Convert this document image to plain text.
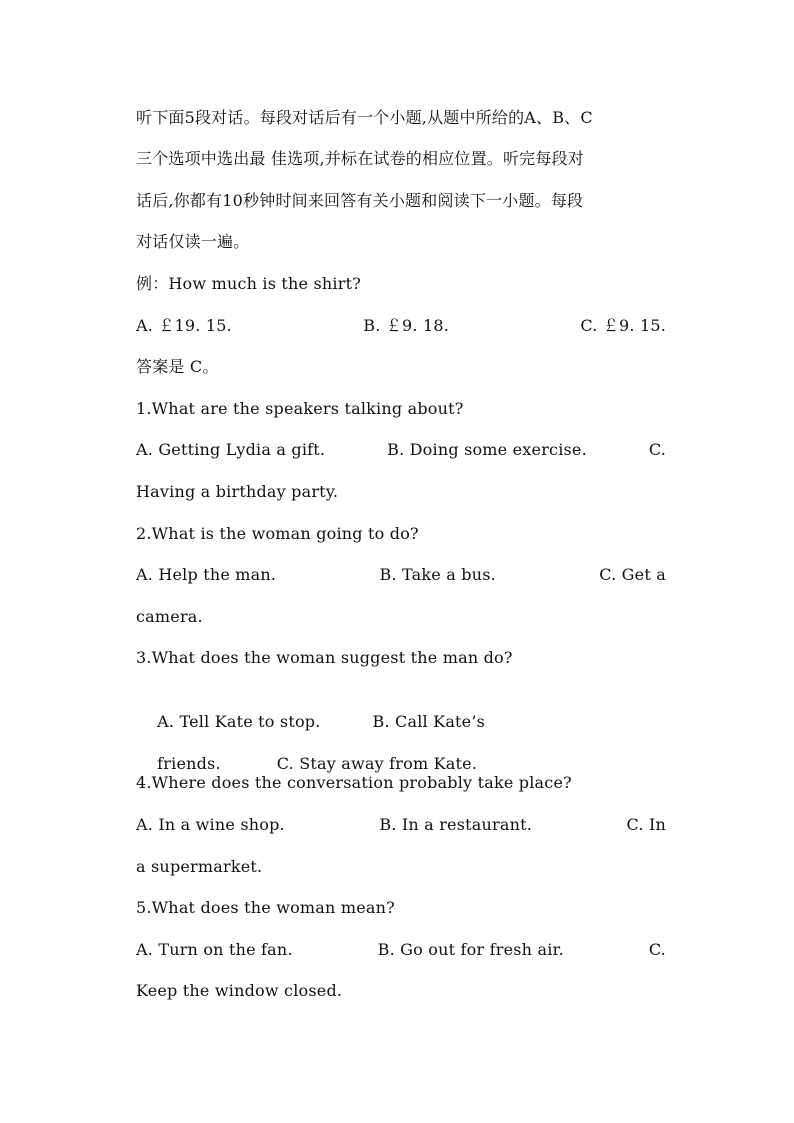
听下面5段对话。每段对话后有一个小题,从题中所给的A、B、C
三个选项中选出最 佳选项,并标在试卷的相应位置。听完每段对
话后,你都有10秒钟时间来回答有关小题和阅读下一小题。每段
对话仅读一遍。
例：How much is the shirt?
A. ￡19. 15.	B. ￡9. 18.	C. ￡9. 15.
答案是 C。
1.What are the speakers talking about?
A. Getting Lydia a gift.	B. Doing some exercise.	C.
Having a birthday party.
2.What is the woman going to do?
A. Help the man.	B. Take a bus.	C. Get a
camera.
3.What does the woman suggest the man do?

A. Tell Kate to stop.	B. Call Kate’s

friends.	C. Stay away from Kate.

4.Where does the conversation probably take place?
A. In a wine shop.	B. In a restaurant.	C. In
a supermarket.
5.What does the woman mean?
A. Turn on the fan.	B. Go out for fresh air.	C.
Keep the window closed.
